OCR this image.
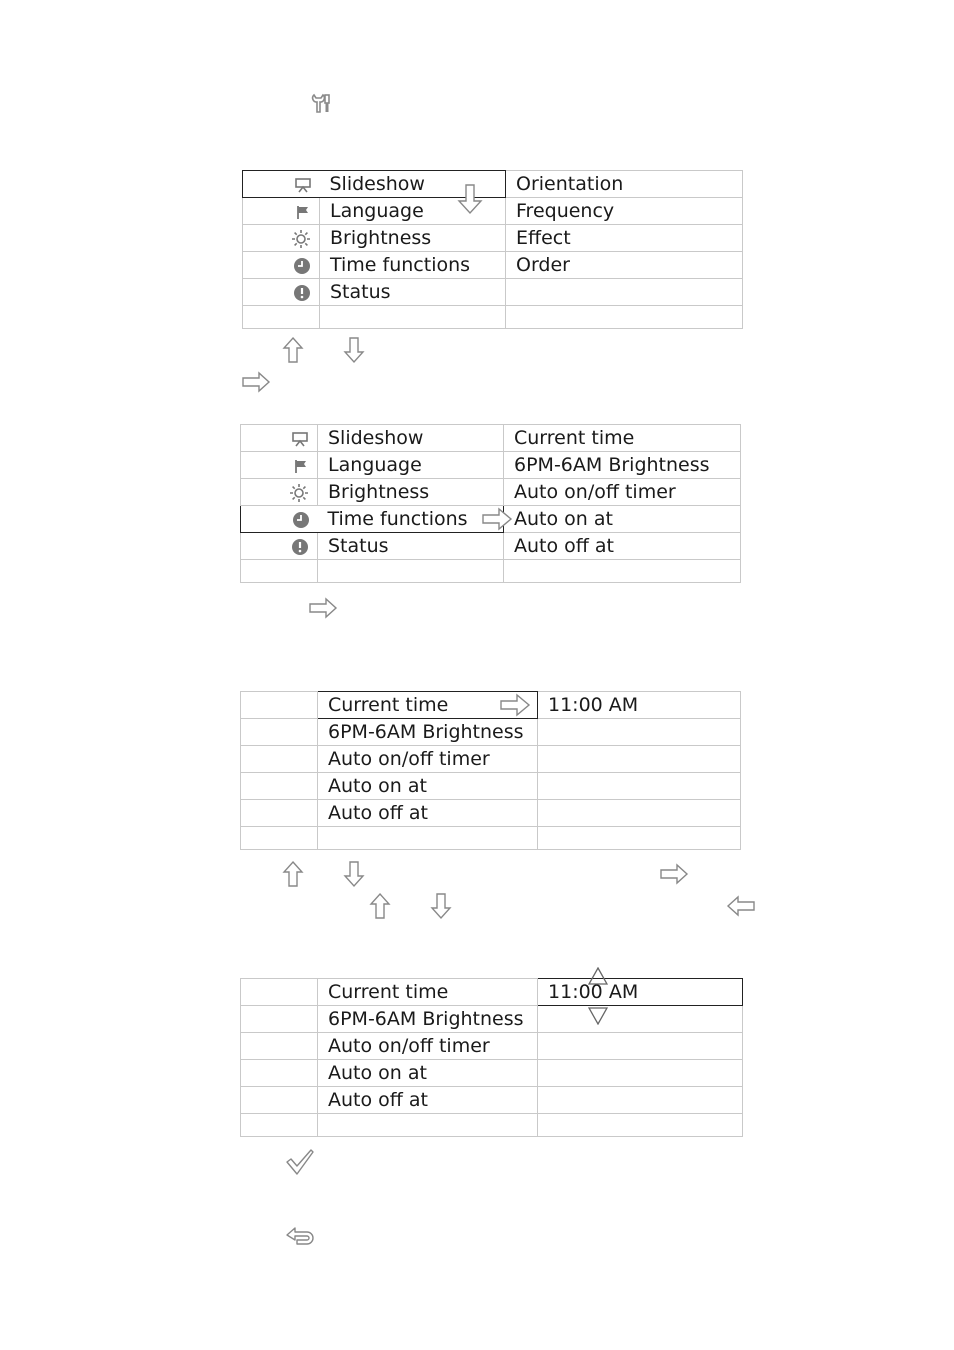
	Slideshow	Orientation
	Language	Frequency
	Brightness	Effect
	Time functions	Order
	Status	

	Slideshow	Current time
	Language	6PM-6AM Brightness
	Brightness	Auto on/off timer
	Time functions	Auto on at
	Status	Auto off at

	Current time	11:00 AM
	6PM-6AM Brightness	
	Auto on/off timer	
	Auto on at	
	Auto off at	

	Current time	11:00 AM

	6PM-6AM Brightness	
	Auto on/off timer	
	Auto on at	
	Auto off at	
